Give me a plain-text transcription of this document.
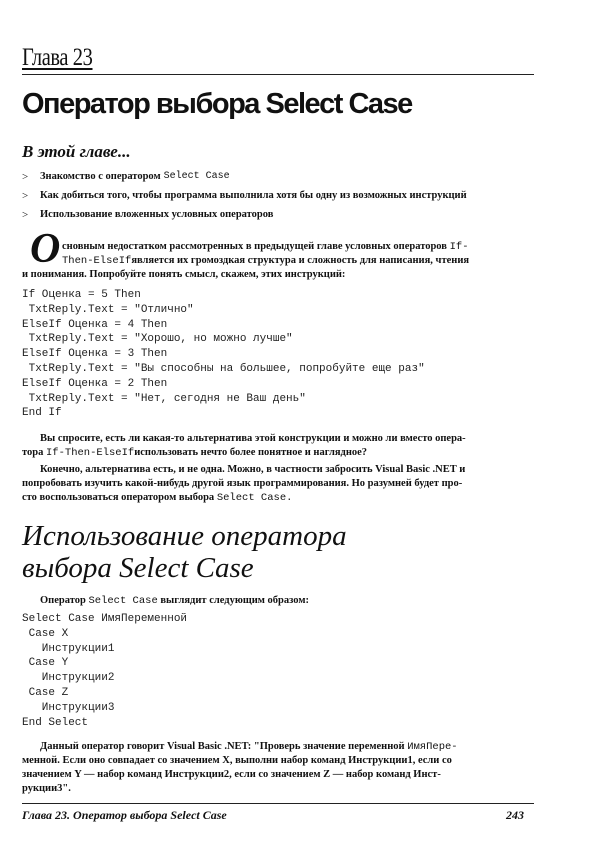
Глава 23
Оператор выбора Select Case
В этой главе...
>	Знакомство с оператором Select Case
>	Как добиться того, чтобы программа выполнила хотя бы одну из возможных инструкций
>	Использование вложенных условных операторов
О сновным недостатком рассмотренных в предыдущей главе условных операторов If-
Then-ElseIfявляется их громоздкая структура и сложность для написания, чтения
и понимания. Попробуйте понять смысл, скажем, этих инструкций:
If Оценка = 5 Then
TxtReply.Text = "Отлично"
ElseIf Оценка = 4 Then
TxtReply.Text = "Хорошо, но можно лучше"
ElseIf Оценка = 3 Then
TxtReply.Text = "Вы способны на большее, попробуйте еще раз"
ElseIf Оценка = 2 Then
TxtReply.Text = "Нет, сегодня не Ваш день"
End If
Вы спросите, есть ли какая-то альтернатива этой конструкции и можно ли вместо опера-
тора If-Then-ElseIfиспользовать нечто более понятное и наглядное?
Конечно, альтернатива есть, и не одна. Можно, в частности забросить Visual Basic .NET и
попробовать изучить какой-нибудь другой язык программирования. Но разумней будет про-
сто воспользоваться оператором выбора Select Case.
Использование оператора
выбора Select Case
Оператор Select Case выглядит следующим образом:
Select Case ИмяПеременной
Case X
Инструкции1
Case Y
Инструкции2
Case Z
Инструкции3
End Select
Данный оператор говорит Visual Basic .NET: "Проверь значение переменной ИмяПере-
менной. Если оно совпадает со значением X, выполни набор команд Инструкции1, если со
значением Y — набор команд Инструкции2, если со значением Z — набор команд Инст-
рукции3".
Глава 23. Оператор выбора Select Case	243
